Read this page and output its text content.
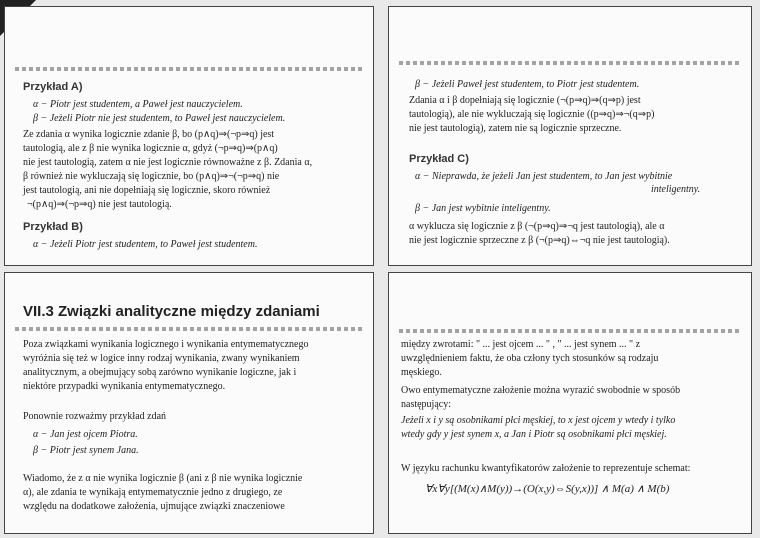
Przykład A)
α − Piotr jest studentem, a Paweł jest nauczycielem.
β − Jeżeli Piotr nie jest studentem, to Paweł jest nauczycielem.
Ze zdania α wynika logicznie zdanie β, bo (p∧q)⇒(¬p⇒q) jest
tautologią, ale z β nie wynika logicznie α, gdyż (¬p⇒q)⇒(p∧q)
nie jest tautologią, zatem α nie jest logicznie równoważne z β. Zdania α,
β również nie wykluczają się logicznie, bo (p∧q)⇒¬(¬p⇒q) nie
jest tautologią, ani nie dopełniają się logicznie, skoro również
¬(p∧q)⇒(¬p⇒q) nie jest tautologią.
Przykład B)
α − Jeżeli Piotr jest studentem, to Paweł jest studentem.
β − Jeżeli Paweł jest studentem, to Piotr jest studentem.
Zdania α i β dopełniają się logicznie (¬(p⇒q)⇒(q⇒p) jest
tautologią), ale nie wykluczają się logicznie ((p⇒q)⇒¬(q⇒p)
nie jest tautologią), zatem nie są logicznie sprzeczne.
Przykład C)
α − Nieprawda, że jeżeli Jan jest studentem, to Jan jest wybitnie
inteligentny.
β − Jan jest wybitnie inteligentny.
α wyklucza się logicznie z β (¬(p⇒q)⇒¬q jest tautologią), ale α
nie jest logicznie sprzeczne z β (¬(p⇒q)⇔¬q nie jest tautologią).
VII.3 Związki analityczne między zdaniami
Poza związkami wynikania logicznego i wynikania entymematycznego
wyróżnia się też w logice inny rodzaj wynikania, zwany wynikaniem
analitycznym, a obejmujący sobą zarówno wynikanie logiczne, jak i
niektóre przypadki wynikania entymematycznego.
Ponownie rozważmy przykład zdań
α − Jan jest ojcem Piotra.
β − Piotr jest synem Jana.
Wiadomo, że z α nie wynika logicznie β (ani z β nie wynika logicznie
α), ale zdania te wynikają entymematycznie jedno z drugiego, ze
względu na dodatkowe założenia, ujmujące związki znaczeniowe
między zwrotami: " ... jest ojcem ... " , " ... jest synem ... " z
uwzględnieniem faktu, że oba człony tych stosunków są rodzaju
męskiego.
Owo entymematyczne założenie można wyrazić swobodnie w sposób
następujący:
Jeżeli x i y są osobnikami płci męskiej, to x jest ojcem y wtedy i tylko
wtedy gdy y jest synem x, a Jan i Piotr są osobnikami płci męskiej.
W języku rachunku kwantyfikatorów założenie to reprezentuje schemat:
∀x∀y[(M(x)∧M(y))→(O(x,y)⇔S(y,x))] ∧ M(a) ∧ M(b)
